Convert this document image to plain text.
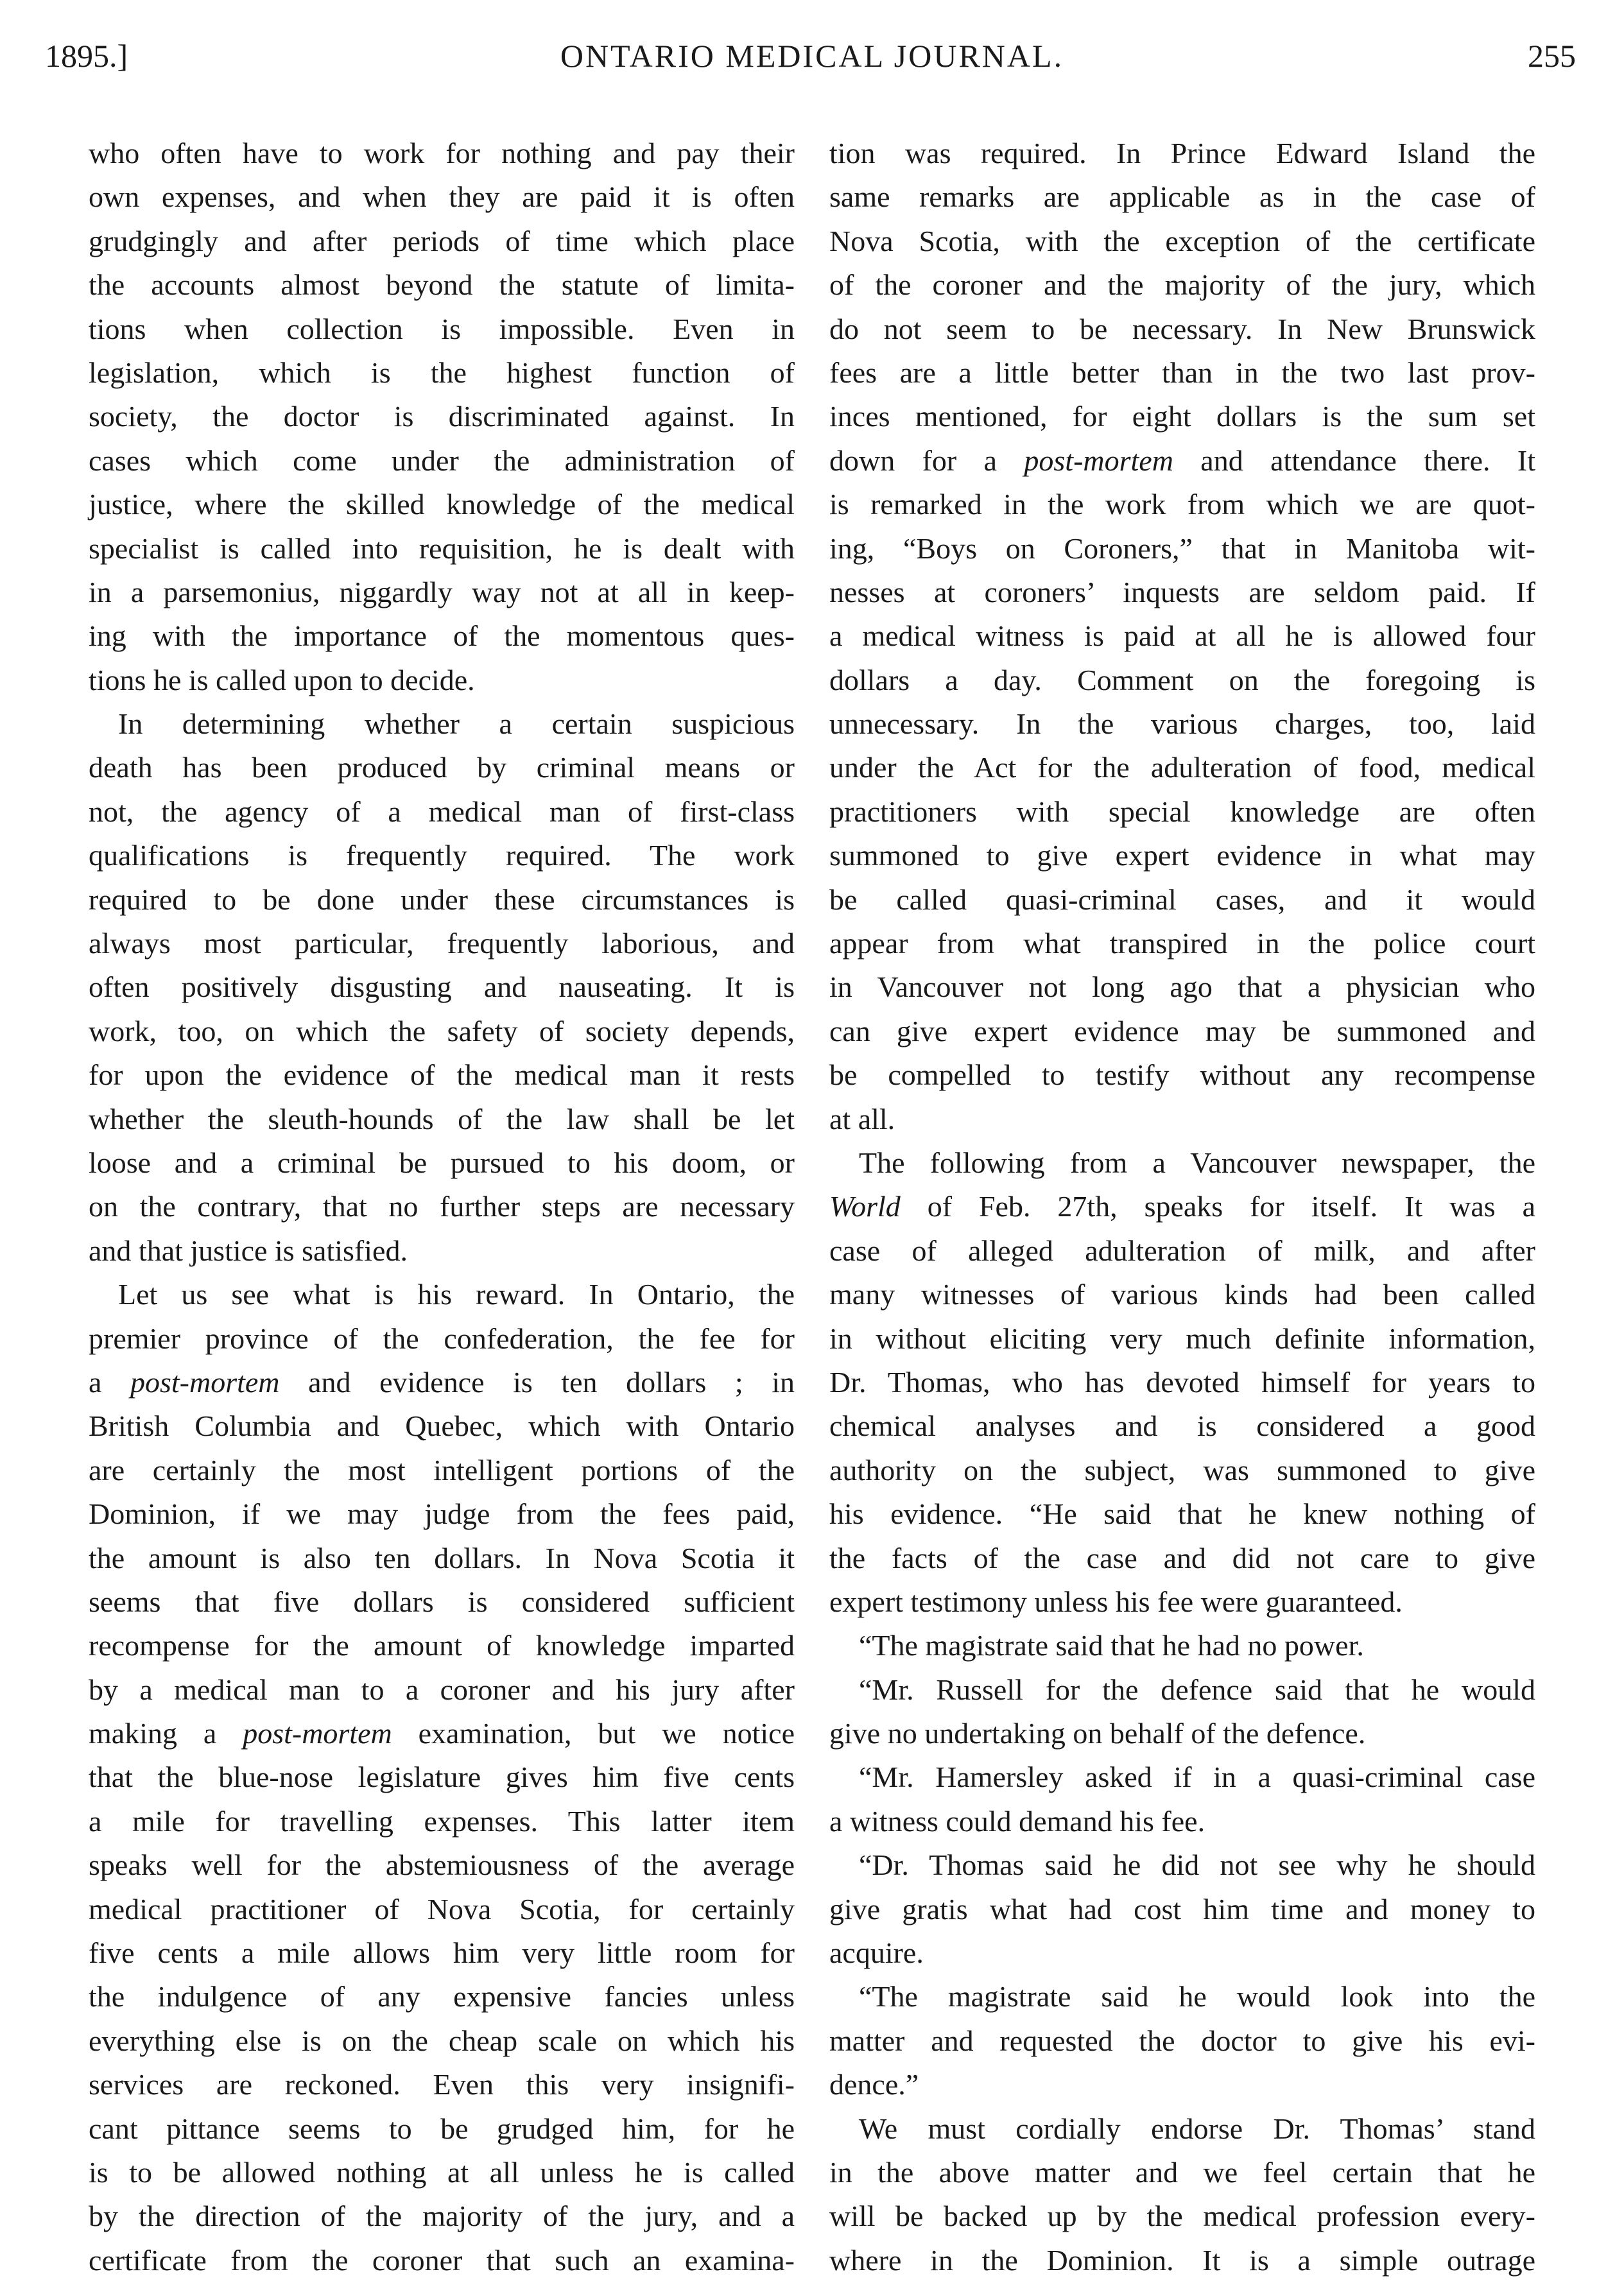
1895.]	ONTARIO MEDICAL JOURNAL.	255
who often have to work for nothing and pay their
own expenses, and when they are paid it is often
grudgingly and after periods of time which place
the accounts almost beyond the statute of limita-
tions when collection is impossible. Even in
legislation, which is the highest function of
society, the doctor is discriminated against. In
cases which come under the administration of
justice, where the skilled knowledge of the medical
specialist is called into requisition, he is dealt with
in a parsemonius, niggardly way not at all in keep-
ing with the importance of the momentous ques-
tions he is called upon to decide.
In determining whether a certain suspicious
death has been produced by criminal means or
not, the agency of a medical man of first-class
qualifications is frequently required. The work
required to be done under these circumstances is
always most particular, frequently laborious, and
often positively disgusting and nauseating. It is
work, too, on which the safety of society depends,
for upon the evidence of the medical man it rests
whether the sleuth-hounds of the law shall be let
loose and a criminal be pursued to his doom, or
on the contrary, that no further steps are necessary
and that justice is satisfied.
Let us see what is his reward. In Ontario, the
premier province of the confederation, the fee for
a post-mortem and evidence is ten dollars ; in
British Columbia and Quebec, which with Ontario
are certainly the most intelligent portions of the
Dominion, if we may judge from the fees paid,
the amount is also ten dollars. In Nova Scotia it
seems that five dollars is considered sufficient
recompense for the amount of knowledge imparted
by a medical man to a coroner and his jury after
making a post-mortem examination, but we notice
that the blue-nose legislature gives him five cents
a mile for travelling expenses. This latter item
speaks well for the abstemiousness of the average
medical practitioner of Nova Scotia, for certainly
five cents a mile allows him very little room for
the indulgence of any expensive fancies unless
everything else is on the cheap scale on which his
services are reckoned. Even this very insignifi-
cant pittance seems to be grudged him, for he
is to be allowed nothing at all unless he is called
by the direction of the majority of the jury, and a
certificate from the coroner that such an examina-
tion was required. In Prince Edward Island the
same remarks are applicable as in the case of
Nova Scotia, with the exception of the certificate
of the coroner and the majority of the jury, which
do not seem to be necessary. In New Brunswick
fees are a little better than in the two last prov-
inces mentioned, for eight dollars is the sum set
down for a post-mortem and attendance there. It
is remarked in the work from which we are quot-
ing, “Boys on Coroners,” that in Manitoba wit-
nesses at coroners’ inquests are seldom paid. If
a medical witness is paid at all he is allowed four
dollars a day. Comment on the foregoing is
unnecessary. In the various charges, too, laid
under the Act for the adulteration of food, medical
practitioners with special knowledge are often
summoned to give expert evidence in what may
be called quasi-criminal cases, and it would
appear from what transpired in the police court
in Vancouver not long ago that a physician who
can give expert evidence may be summoned and
be compelled to testify without any recompense
at all.
The following from a Vancouver newspaper, the
World of Feb. 27th, speaks for itself. It was a
case of alleged adulteration of milk, and after
many witnesses of various kinds had been called
in without eliciting very much definite information,
Dr. Thomas, who has devoted himself for years to
chemical analyses and is considered a good
authority on the subject, was summoned to give
his evidence. “He said that he knew nothing of
the facts of the case and did not care to give
expert testimony unless his fee were guaranteed.
“The magistrate said that he had no power.
“Mr. Russell for the defence said that he would
give no undertaking on behalf of the defence.
“Mr. Hamersley asked if in a quasi-criminal case
a witness could demand his fee.
“Dr. Thomas said he did not see why he should
give gratis what had cost him time and money to
acquire.
“The magistrate said he would look into the
matter and requested the doctor to give his evi-
dence.”
We must cordially endorse Dr. Thomas’ stand
in the above matter and we feel certain that he
will be backed up by the medical profession every-
where in the Dominion. It is a simple outrage
